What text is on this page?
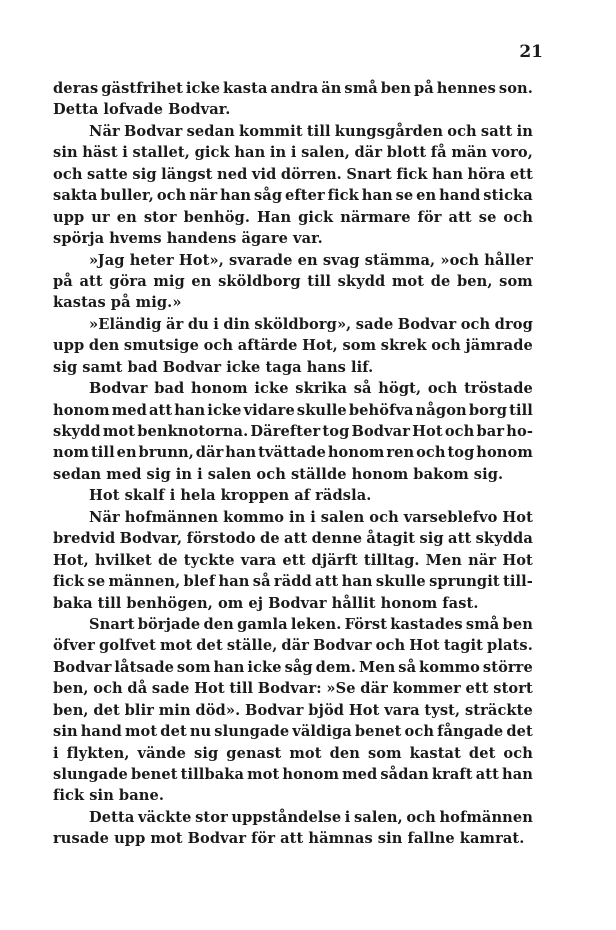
21
deras gästfrihet icke kasta andra än små ben på hennes son.
Detta lofvade Bodvar.
När Bodvar sedan kommit till kungsgården och satt in
sin häst i stallet, gick han in i salen, där blott få män voro,
och satte sig längst ned vid dörren. Snart fick han höra ett
sakta buller, och när han såg efter fick han se en hand sticka
upp ur en stor benhög. Han gick närmare för att se och
spörja hvems handens ägare var.
»Jag heter Hot», svarade en svag stämma, »och håller
på att göra mig en sköldborg till skydd mot de ben, som
kastas på mig.»
»Eländig är du i din sköldborg», sade Bodvar och drog
upp den smutsige och aftärde Hot, som skrek och jämrade
sig samt bad Bodvar icke taga hans lif.
Bodvar bad honom icke skrika så högt, och tröstade
honom med att han icke vidare skulle behöfva någon borg till
skydd mot benknotorna. Därefter tog Bodvar Hot och bar ho-
nom till en brunn, där han tvättade honom ren och tog honom
sedan med sig in i salen och ställde honom bakom sig.
Hot skalf i hela kroppen af rädsla.
När hofmännen kommo in i salen och varseblefvo Hot
bredvid Bodvar, förstodo de att denne åtagit sig att skydda
Hot, hvilket de tyckte vara ett djärft tilltag. Men när Hot
fick se männen, blef han så rädd att han skulle sprungit till-
baka till benhögen, om ej Bodvar hållit honom fast.
Snart började den gamla leken. Först kastades små ben
öfver golfvet mot det ställe, där Bodvar och Hot tagit plats.
Bodvar låtsade som han icke såg dem. Men så kommo större
ben, och då sade Hot till Bodvar: »Se där kommer ett stort
ben, det blir min död». Bodvar bjöd Hot vara tyst, sträckte
sin hand mot det nu slungade väldiga benet och fångade det
i flykten, vände sig genast mot den som kastat det och
slungade benet tillbaka mot honom med sådan kraft att han
fick sin bane.
Detta väckte stor uppståndelse i salen, och hofmännen
rusade upp mot Bodvar för att hämnas sin fallne kamrat.
